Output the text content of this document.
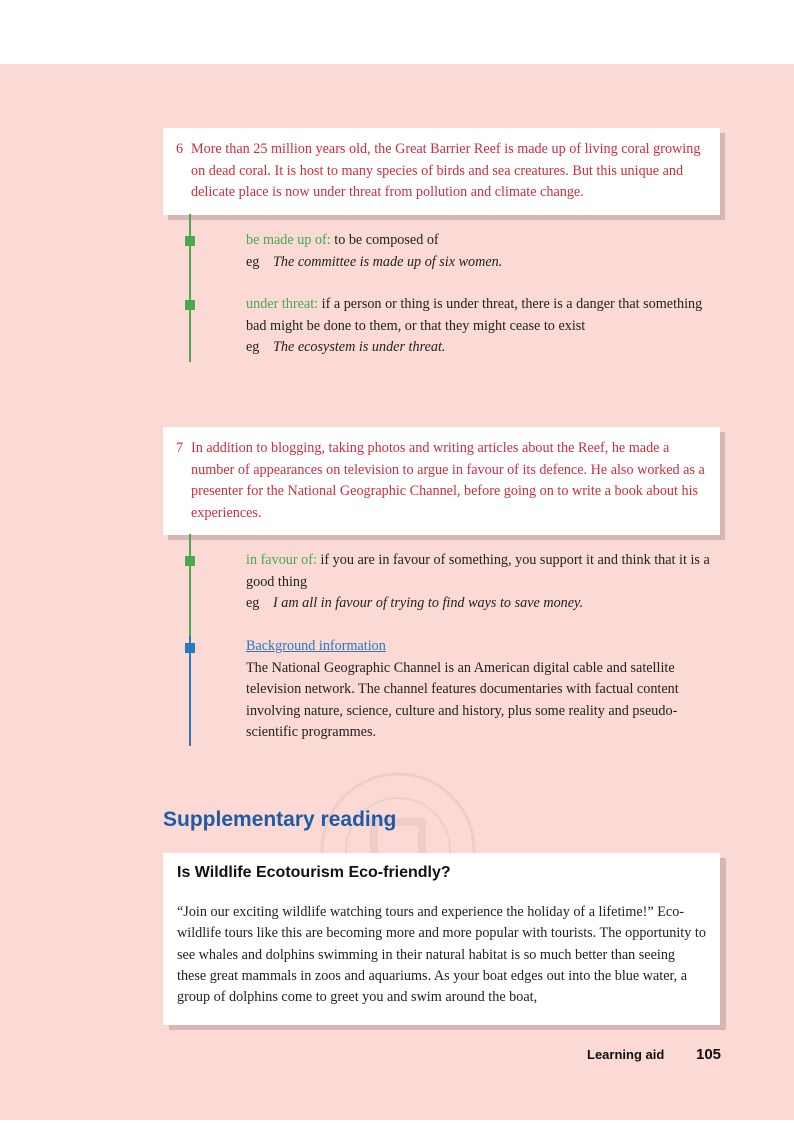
6 More than 25 million years old, the Great Barrier Reef is made up of living coral growing on dead coral. It is host to many species of birds and sea creatures. But this unique and delicate place is now under threat from pollution and climate change.
be made up of: to be composed of
eg The committee is made up of six women.
under threat: if a person or thing is under threat, there is a danger that something bad might be done to them, or that they might cease to exist
eg The ecosystem is under threat.
7 In addition to blogging, taking photos and writing articles about the Reef, he made a number of appearances on television to argue in favour of its defence. He also worked as a presenter for the National Geographic Channel, before going on to write a book about his experiences.
in favour of: if you are in favour of something, you support it and think that it is a good thing
eg I am all in favour of trying to find ways to save money.
Background information
The National Geographic Channel is an American digital cable and satellite television network. The channel features documentaries with factual content involving nature, science, culture and history, plus some reality and pseudo-scientific programmes.
Supplementary reading
Is Wildlife Ecotourism Eco-friendly?
“Join our exciting wildlife watching tours and experience the holiday of a lifetime!” Eco-wildlife tours like this are becoming more and more popular with tourists. The opportunity to see whales and dolphins swimming in their natural habitat is so much better than seeing these great mammals in zoos and aquariums. As your boat edges out into the blue water, a group of dolphins come to greet you and swim around the boat,
Learning aid 105
